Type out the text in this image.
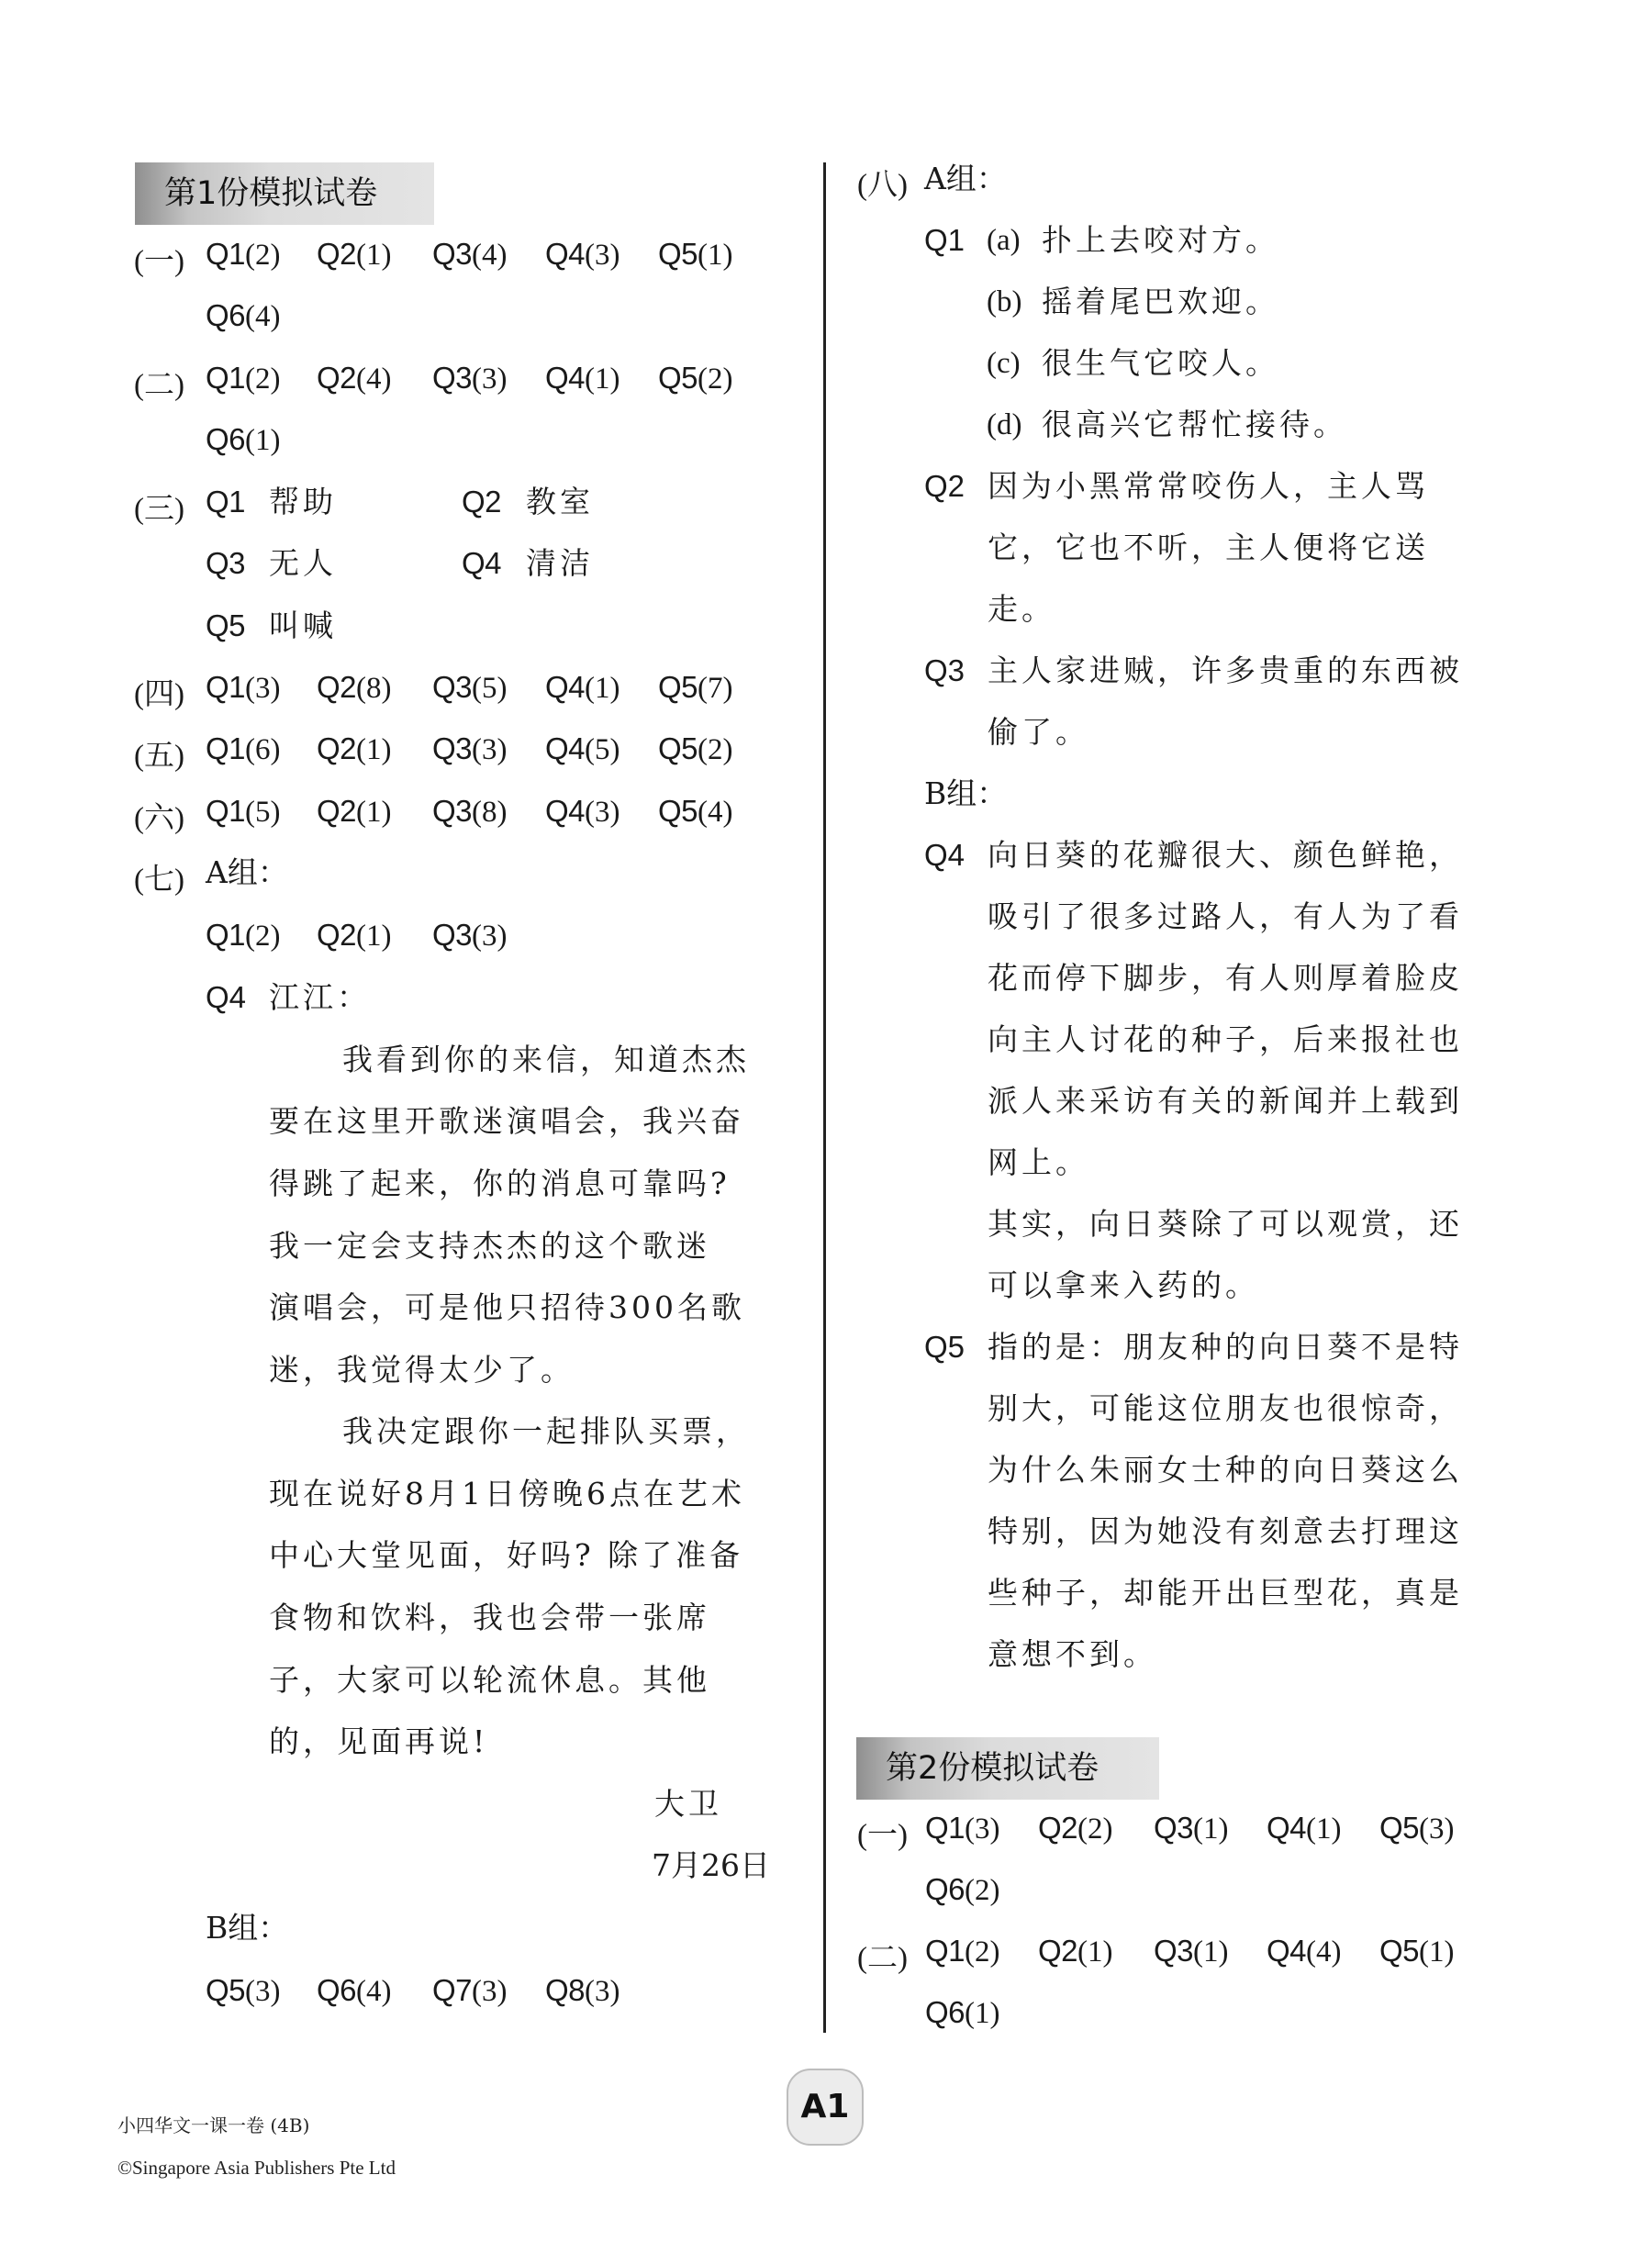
第1份模拟试卷
(一) Q1(2) Q2(1) Q3(4) Q4(3) Q5(1)
Q6(4)
(二) Q1(2) Q2(4) Q3(3) Q4(1) Q5(2)
Q6(1)
(三) Q1 帮助	Q2 教室
Q3 无人	Q4 清洁
Q5 叫喊
(四) Q1(3) Q2(8) Q3(5) Q4(1) Q5(7)
(五) Q1(6) Q2(1) Q3(3) Q4(5) Q5(2)
(六) Q1(5) Q2(1) Q3(8) Q4(3) Q5(4)
(七) A组：
Q1(2) Q2(1) Q3(3)
Q4 江江：
我看到你的来信，知道杰杰
要在这里开歌迷演唱会，我兴奋
得跳了起来，你的消息可靠吗?
我一定会支持杰杰的这个歌迷
演唱会，可是他只招待300名歌
迷，我觉得太少了。
我决定跟你一起排队买票，
现在说好8月1日傍晚6点在艺术
中心大堂见面，好吗? 除了准备
食物和饮料，我也会带一张席
子，大家可以轮流休息。其他
的，见面再说!
大卫
7月26日
B组：
Q5(3) Q6(4) Q7(3) Q8(3)
(八) A组：
Q1 (a) 扑上去咬对方。
(b) 摇着尾巴欢迎。
(c) 很生气它咬人。
(d) 很高兴它帮忙接待。
Q2 因为小黑常常咬伤人，主人骂
它，它也不听，主人便将它送
走。
Q3 主人家进贼，许多贵重的东西被
偷了。
B组：
Q4 向日葵的花瓣很大、颜色鲜艳，
吸引了很多过路人，有人为了看
花而停下脚步，有人则厚着脸皮
向主人讨花的种子，后来报社也
派人来采访有关的新闻并上载到
网上。
其实，向日葵除了可以观赏，还
可以拿来入药的。
Q5 指的是：朋友种的向日葵不是特
别大，可能这位朋友也很惊奇，
为什么朱丽女士种的向日葵这么
特别，因为她没有刻意去打理这
些种子，却能开出巨型花，真是
意想不到。
第2份模拟试卷
(一) Q1(3) Q2(2) Q3(1) Q4(1) Q5(3)
Q6(2)
(二) Q1(2) Q2(1) Q3(1) Q4(4) Q5(1)
Q6(1)
A1
小四华文一课一卷 (4B)
©Singapore Asia Publishers Pte Ltd
